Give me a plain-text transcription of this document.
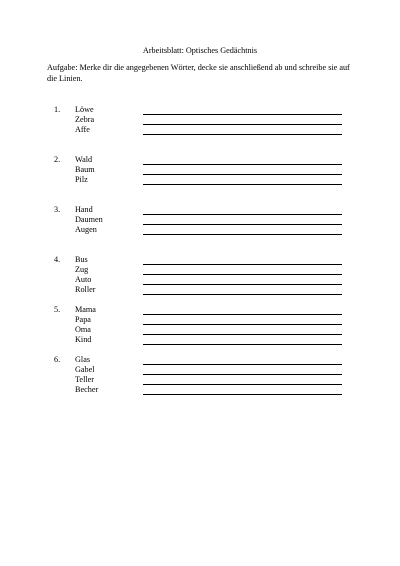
Arbeitsblatt: Optisches Gedächtnis
Aufgabe: Merke dir die angegebenen Wörter, decke sie anschließend ab und schreibe sie auf die Linien.
1. Löwe
Zebra
Affe
2. Wald
Baum
Pilz
3. Hand
Daumen
Augen
4. Bus
Zug
Auto
Roller
5. Mama
Papa
Oma
Kind
6. Glas
Gabel
Teller
Becher
